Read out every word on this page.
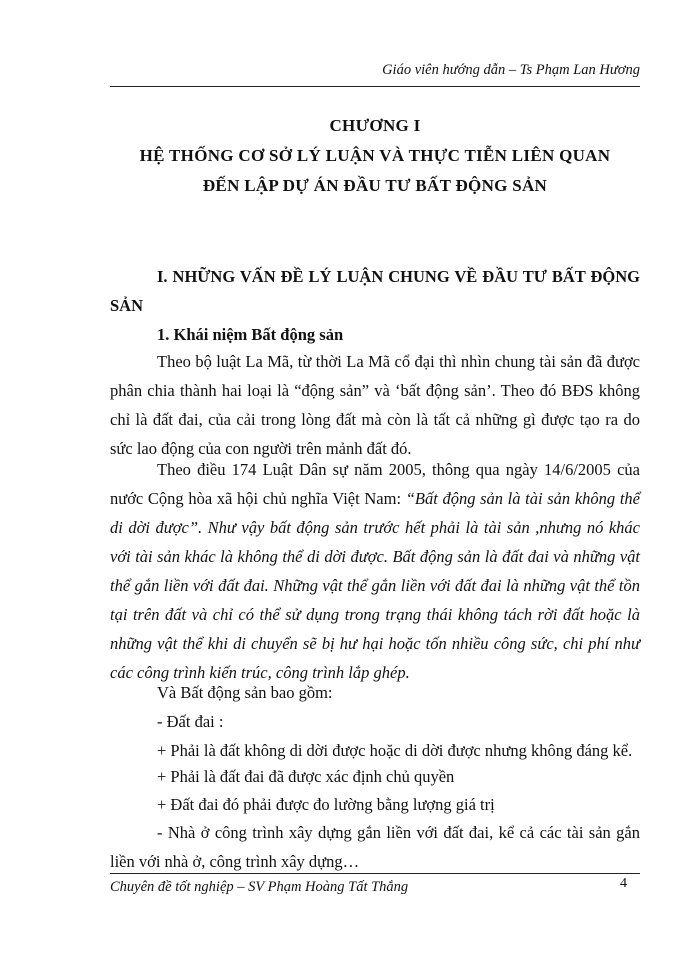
Giáo viên hướng dẫn – Ts Phạm Lan Hương
CHƯƠNG I
HỆ THỐNG CƠ SỞ LÝ LUẬN VÀ THỰC TIỄN LIÊN QUAN
ĐẾN LẬP DỰ ÁN ĐẦU TƯ BẤT ĐỘNG SẢN
I. NHỮNG VẤN ĐỀ LÝ LUẬN CHUNG VỀ ĐẦU TƯ BẤT ĐỘNG SẢN
1. Khái niệm Bất động sản
Theo bộ luật La Mã, từ thời La Mã cổ đại thì nhìn chung tài sản đã được phân chia thành hai loại là “động sản” và ‘bất động sản’. Theo đó BĐS không chỉ là đất đai, của cải trong lòng đất mà còn là tất cả những gì được tạo ra do sức lao động của con người trên mảnh đất đó.
Theo điều 174 Luật Dân sự năm 2005, thông qua ngày 14/6/2005 của nước Cộng hòa xã hội chủ nghĩa Việt Nam: “Bất động sản là tài sản không thể di dời được”. Như vậy bất động sản trước hết phải là tài sản ,nhưng nó khác với tài sản khác là không thể di dời được. Bất động sản là đất đai và những vật thể gắn liền với đất đai. Những vật thể gắn liền với đất đai là những vật thể tồn tại trên đất và chỉ có thể sử dụng trong trạng thái không tách rời đất hoặc là những vật thể khi di chuyển sẽ bị hư hại hoặc tốn nhiều công sức, chi phí như các công trình kiến trúc, công trình lắp ghép.
Và Bất động sản bao gồm:
- Đất đai :
+ Phải là đất không di dời được hoặc di dời được nhưng không đáng kể.
+ Phải là đất đai đã được xác định chủ quyền
+ Đất đai đó phải được đo lường bằng lượng giá trị
- Nhà ở công trình xây dựng gắn liền với đất đai, kể cả các tài sản gắn liền với nhà ở, công trình xây dựng…
Chuyên đề tốt nghiệp – SV Phạm Hoàng Tất Thắng	4
